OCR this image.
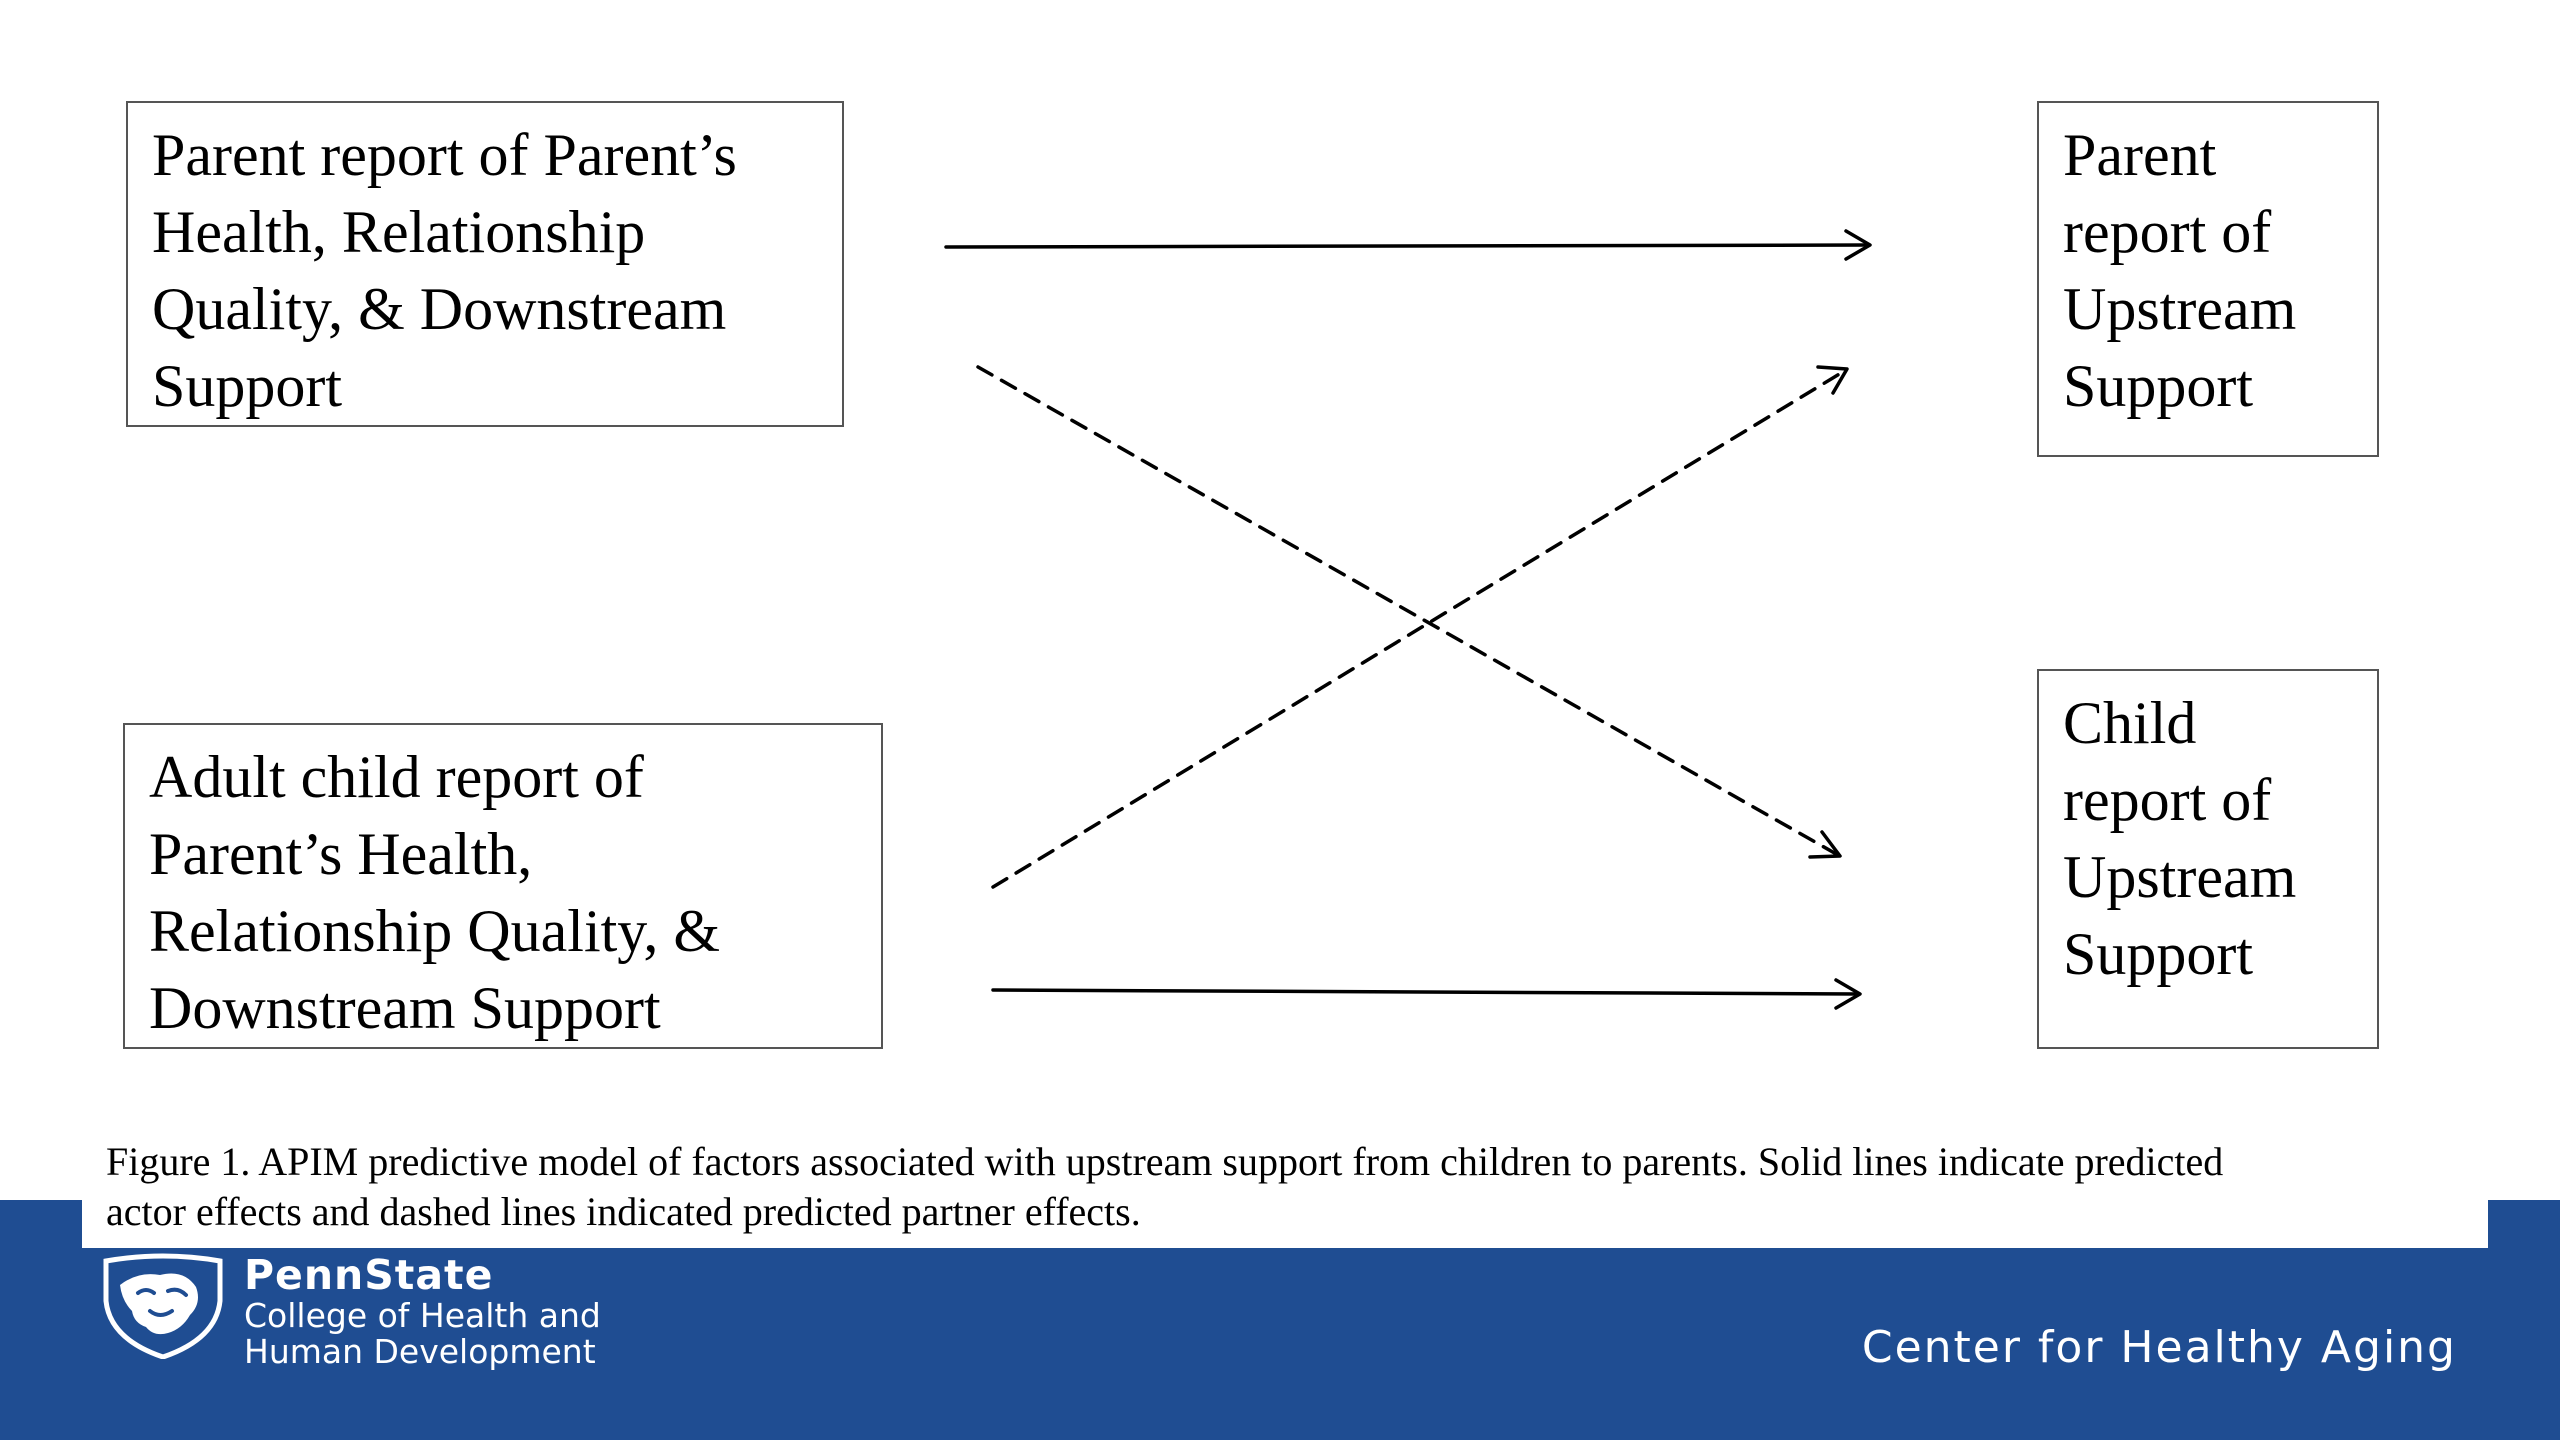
Parent report of Parent’s
Health, Relationship
Quality, & Downstream
Support
Adult child report of
Parent’s Health,
Relationship Quality, &
Downstream Support
Parent
report of
Upstream
Support
Child
report of
Upstream
Support
Figure 1. APIM predictive model of factors associated with upstream support from children to parents. Solid lines indicate predicted
actor effects and dashed lines indicated predicted partner effects.
PennState
College of Health and
Human Development	Center for Healthy Aging
